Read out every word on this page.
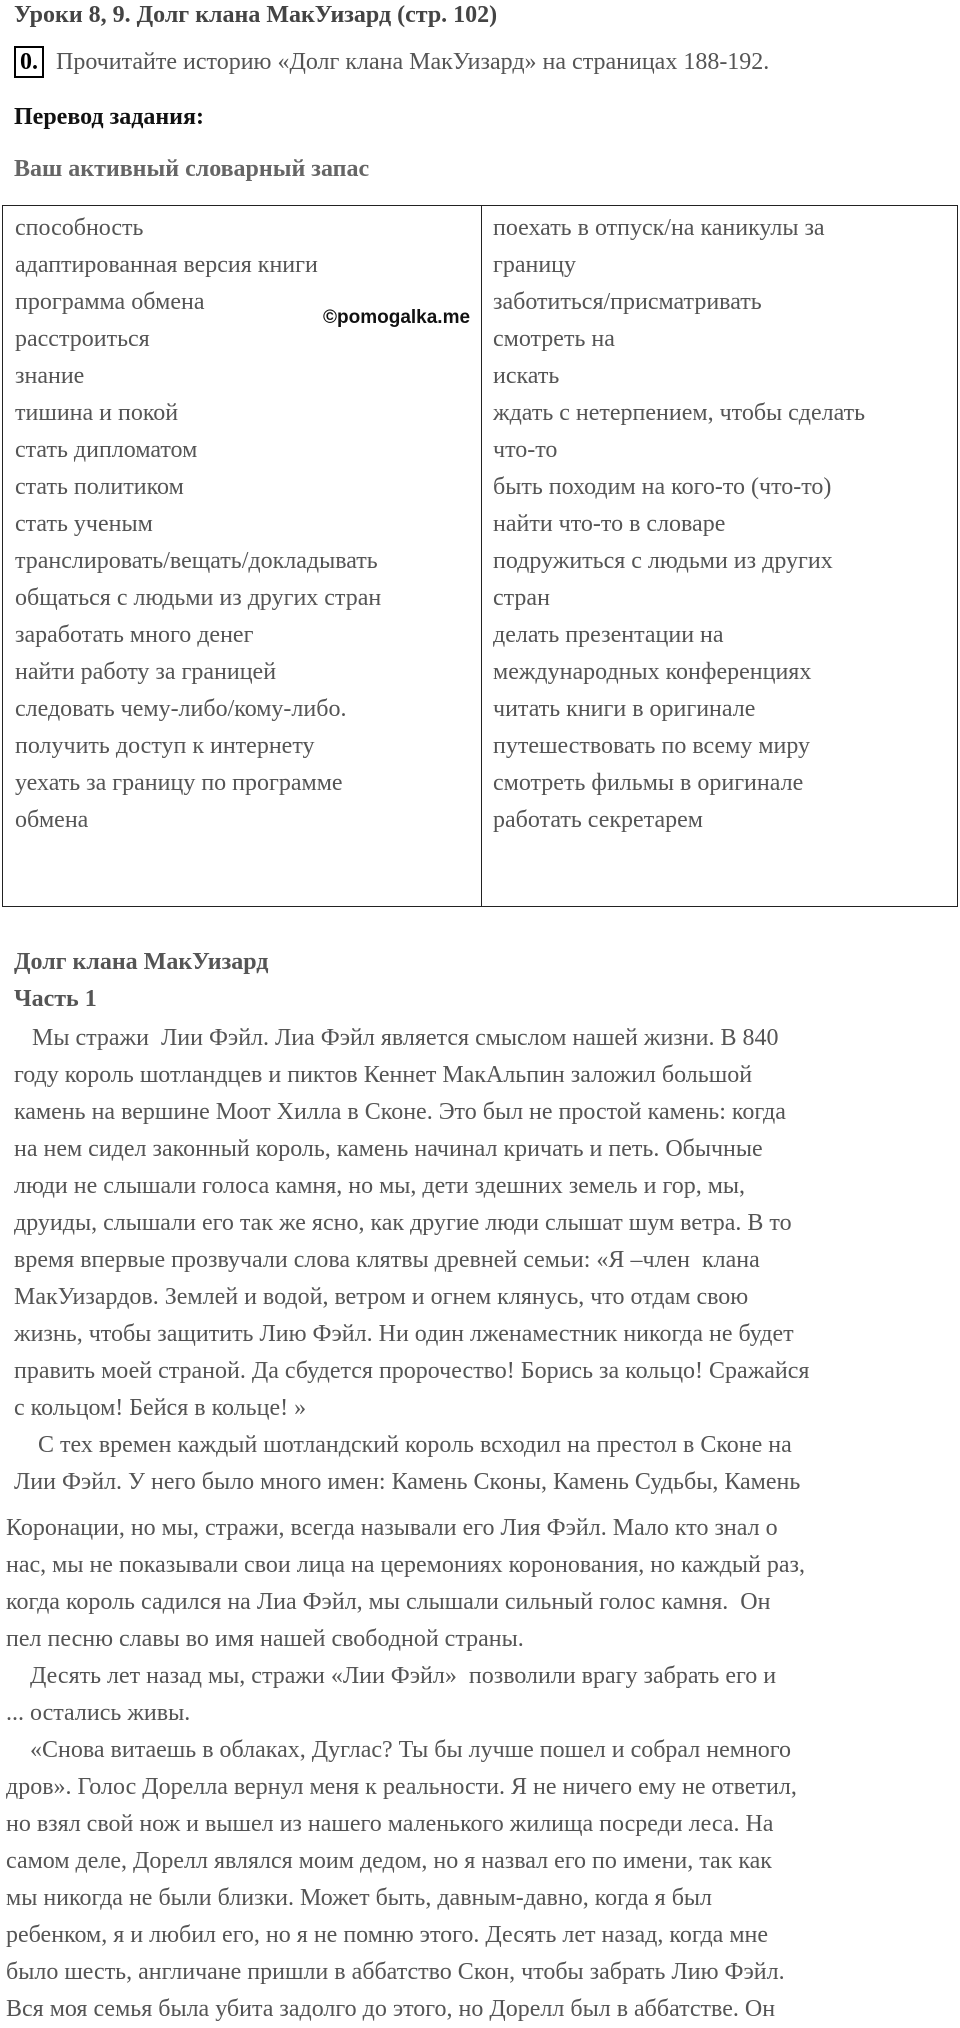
Уроки 8, 9. Долг клана МакУизард (стр. 102)
0. Прочитайте историю «Долг клана МакУизард» на страницах 188-192.
Перевод задания:
Ваш активный словарный запас
способность
адаптированная версия книги
программа обмена
расстроиться
знание
тишина и покой
стать дипломатом
стать политиком
стать ученым
транслировать/вещать/докладывать
общаться с людьми из других стран
заработать много денег
найти работу за границей
следовать чему-либо/кому-либо.
получить доступ к интернету
уехать за границу по программе
обмена
поехать в отпуск/на каникулы за
границу
заботиться/присматривать
смотреть на
искать
ждать с нетерпением, чтобы сделать
что-то
быть походим на кого-то (что-то)
найти что-то в словаре
подружиться с людьми из других
стран
делать презентации на
международных конференциях
читать книги в оригинале
путешествовать по всему миру
смотреть фильмы в оригинале
работать секретарем
©pomogalka.me
Долг клана МакУизард
Часть 1
Мы стражи  Лии Фэйл. Лиа Фэйл является смыслом нашей жизни. В 840
году король шотландцев и пиктов Кеннет МакАльпин заложил большой
камень на вершине Моот Хилла в Сконе. Это был не простой камень: когда
на нем сидел законный король, камень начинал кричать и петь. Обычные
люди не слышали голоса камня, но мы, дети здешних земель и гор, мы,
друиды, слышали его так же ясно, как другие люди слышат шум ветра. В то
время впервые прозвучали слова клятвы древней семьи: «Я –член  клана
МакУизардов. Землей и водой, ветром и огнем клянусь, что отдам свою
жизнь, чтобы защитить Лию Фэйл. Ни один лженаместник никогда не будет
править моей страной. Да сбудется пророчество! Борись за кольцо! Сражайся
с кольцом! Бейся в кольце! »
С тех времен каждый шотландский король всходил на престол в Сконе на
Лии Фэйл. У него было много имен: Камень Сконы, Камень Судьбы, Камень
Коронации, но мы, стражи, всегда называли его Лия Фэйл. Мало кто знал о
нас, мы не показывали свои лица на церемониях коронования, но каждый раз,
когда король садился на Лиа Фэйл, мы слышали сильный голос камня.  Он
пел песню славы во имя нашей свободной страны.
Десять лет назад мы, стражи «Лии Фэйл»  позволили врагу забрать его и
... остались живы.
«Снова витаешь в облаках, Дуглас? Ты бы лучше пошел и собрал немного
дров». Голос Дорелла вернул меня к реальности. Я не ничего ему не ответил,
но взял свой нож и вышел из нашего маленького жилища посреди леса. На
самом деле, Дорелл являлся моим дедом, но я назвал его по имени, так как
мы никогда не были близки. Может быть, давным-давно, когда я был
ребенком, я и любил его, но я не помню этого. Десять лет назад, когда мне
было шесть, англичане пришли в аббатство Скон, чтобы забрать Лию Фэйл.
Вся моя семья была убита задолго до этого, но Дорелл был в аббатстве. Он
